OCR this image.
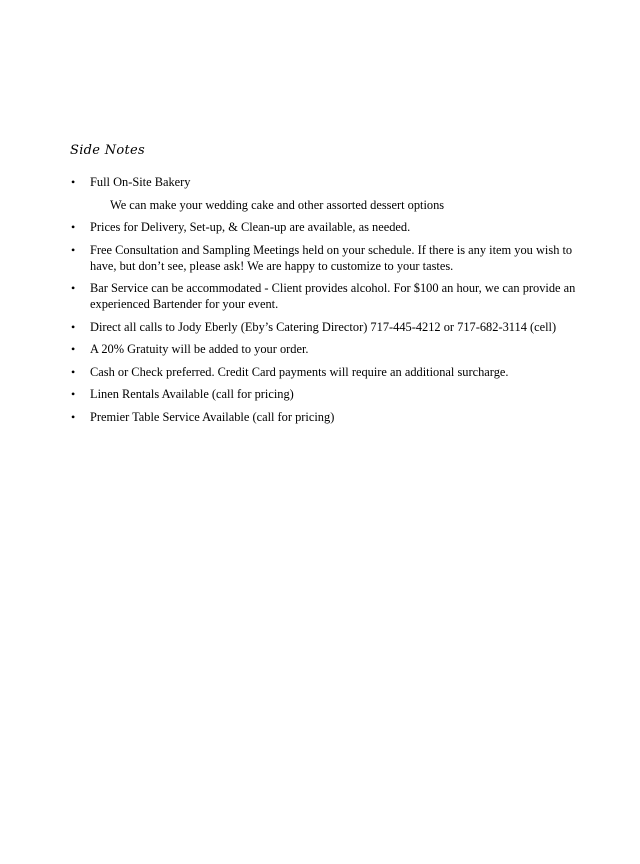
Side Notes
• Full On-Site Bakery
We can make your wedding cake and other assorted dessert options
• Prices for Delivery, Set-up, & Clean-up are available, as needed.
• Free Consultation and Sampling Meetings held on your schedule. If there is any item you wish to have, but don’t see, please ask! We are happy to customize to your tastes.
• Bar Service can be accommodated - Client provides alcohol. For $100 an hour, we can provide an experienced Bartender for your event.
• Direct all calls to Jody Eberly (Eby’s Catering Director) 717-445-4212 or 717-682-3114 (cell)
• A 20% Gratuity will be added to your order.
• Cash or Check preferred. Credit Card payments will require an additional surcharge.
• Linen Rentals Available (call for pricing)
• Premier Table Service Available (call for pricing)
